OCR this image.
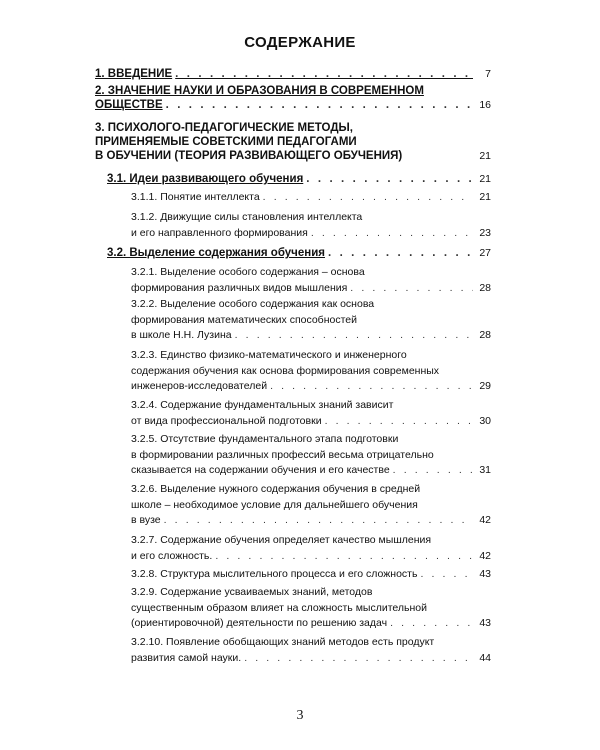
СОДЕРЖАНИЕ
1. ВВЕДЕНИЕ . . .	7
2. ЗНАЧЕНИЕ НАУКИ И ОБРАЗОВАНИЯ В СОВРЕМЕННОМ
ОБЩЕСТВЕ . . .	16
3. ПСИХОЛОГО-ПЕДАГОГИЧЕСКИЕ МЕТОДЫ,
ПРИМЕНЯЕМЫЕ СОВЕТСКИМИ ПЕДАГОГАМИ
В ОБУЧЕНИИ (ТЕОРИЯ РАЗВИВАЮЩЕГО ОБУЧЕНИЯ)	21
3.1. Идеи развивающего обучения . . .	21
3.1.1. Понятие интеллекта . . .	21
3.1.2. Движущие силы становления интеллекта
и его направленного формирования . . .	23
3.2. Выделение содержания обучения . . .	27
3.2.1. Выделение особого содержания – основа
формирования различных видов мышления . . .	28
3.2.2. Выделение особого содержания как основа
формирования математических способностей
в школе Н.Н. Лузина . . .	28
3.2.3. Единство физико-математического и инженерного
содержания обучения как основа формирования современных
инженеров-исследователей . . .	29
3.2.4. Содержание фундаментальных знаний зависит
от вида профессиональной подготовки . . .	30
3.2.5. Отсутствие фундаментального этапа подготовки
в формировании различных профессий весьма отрицательно
сказывается на содержании обучения и его качестве . . .	31
3.2.6. Выделение нужного содержания обучения в средней
школе – необходимое условие для дальнейшего обучения
в вузе . . .	42
3.2.7. Содержание обучения определяет качество мышления
и его сложность. . . .	42
3.2.8. Структура мыслительного процесса и его сложность . . .	43
3.2.9. Содержание усваиваемых знаний, методов
существенным образом влияет на сложность мыслительной
(ориентировочной) деятельности по решению задач . . .	43
3.2.10. Появление обобщающих знаний методов есть продукт
развития самой науки. . . .	44
3
